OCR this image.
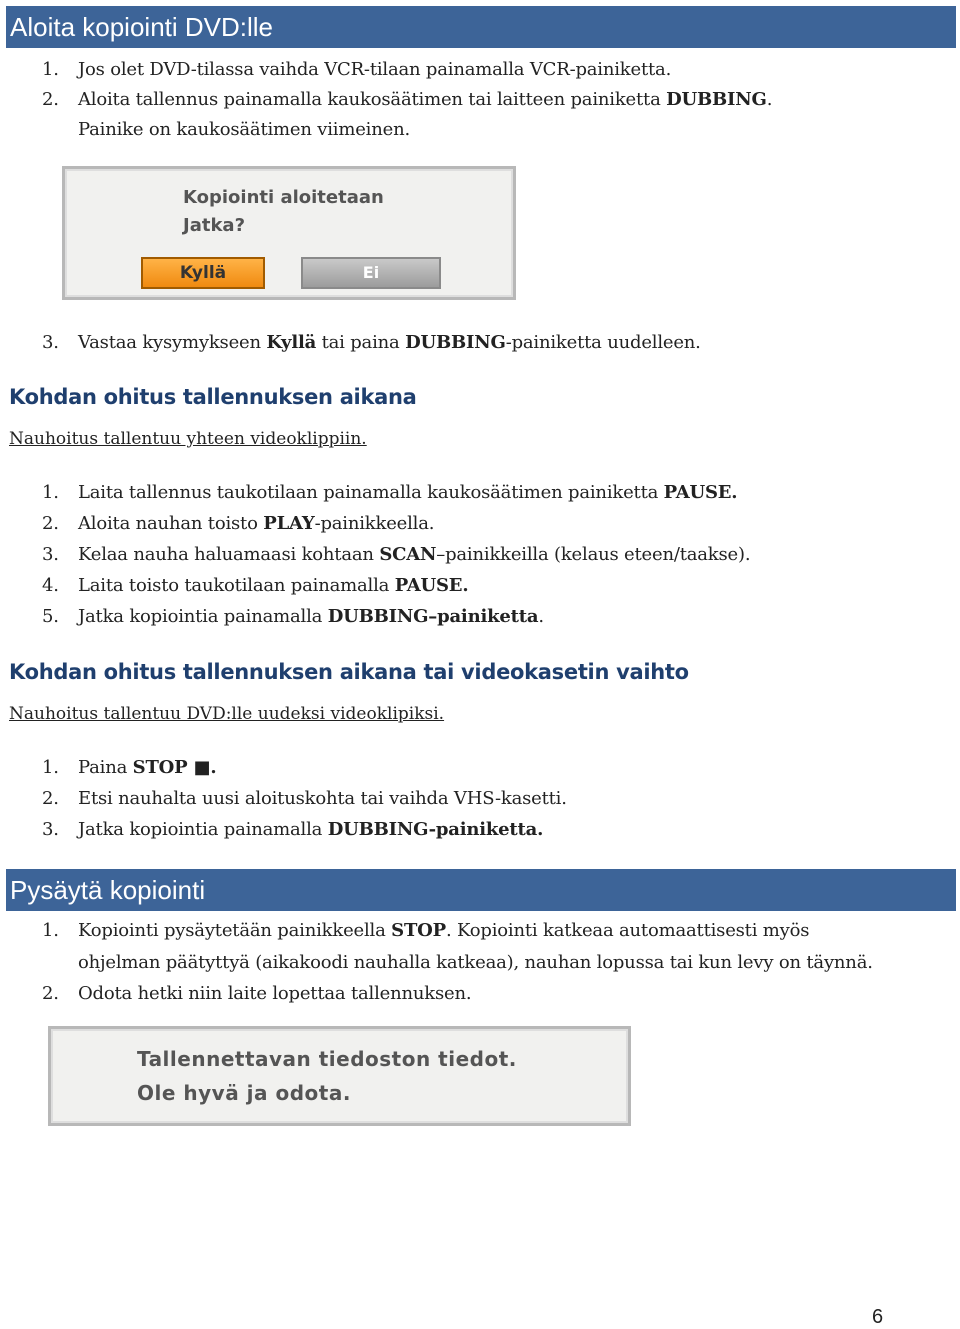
Aloita kopiointi DVD:lle
1. Jos olet DVD-tilassa vaihda VCR-tilaan painamalla VCR-painiketta.
2. Aloita tallennus painamalla kaukosäätimen tai laitteen painiketta DUBBING.
Painike on kaukosäätimen viimeinen.
Kopiointi aloitetaan
Jatka?
Kyllä	Ei
3. Vastaa kysymykseen Kyllä tai paina DUBBING-painiketta uudelleen.
Kohdan ohitus tallennuksen aikana
Nauhoitus tallentuu yhteen videoklippiin.
1. Laita tallennus taukotilaan painamalla kaukosäätimen painiketta PAUSE.
2. Aloita nauhan toisto PLAY-painikkeella.
3. Kelaa nauha haluamaasi kohtaan SCAN–painikkeilla (kelaus eteen/taakse).
4. Laita toisto taukotilaan painamalla PAUSE.
5. Jatka kopiointia painamalla DUBBING–painiketta.
Kohdan ohitus tallennuksen aikana tai videokasetin vaihto
Nauhoitus tallentuu DVD:lle uudeksi videoklipiksi.
1. Paina STOP ■.
2. Etsi nauhalta uusi aloituskohta tai vaihda VHS-kasetti.
3. Jatka kopiointia painamalla DUBBING-painiketta.
Pysäytä kopiointi
1. Kopiointi pysäytetään painikkeella STOP. Kopiointi katkeaa automaattisesti myös
ohjelman päätyttyä (aikakoodi nauhalla katkeaa), nauhan lopussa tai kun levy on täynnä.
2. Odota hetki niin laite lopettaa tallennuksen.
Tallennettavan tiedoston tiedot.
Ole hyvä ja odota.
6
